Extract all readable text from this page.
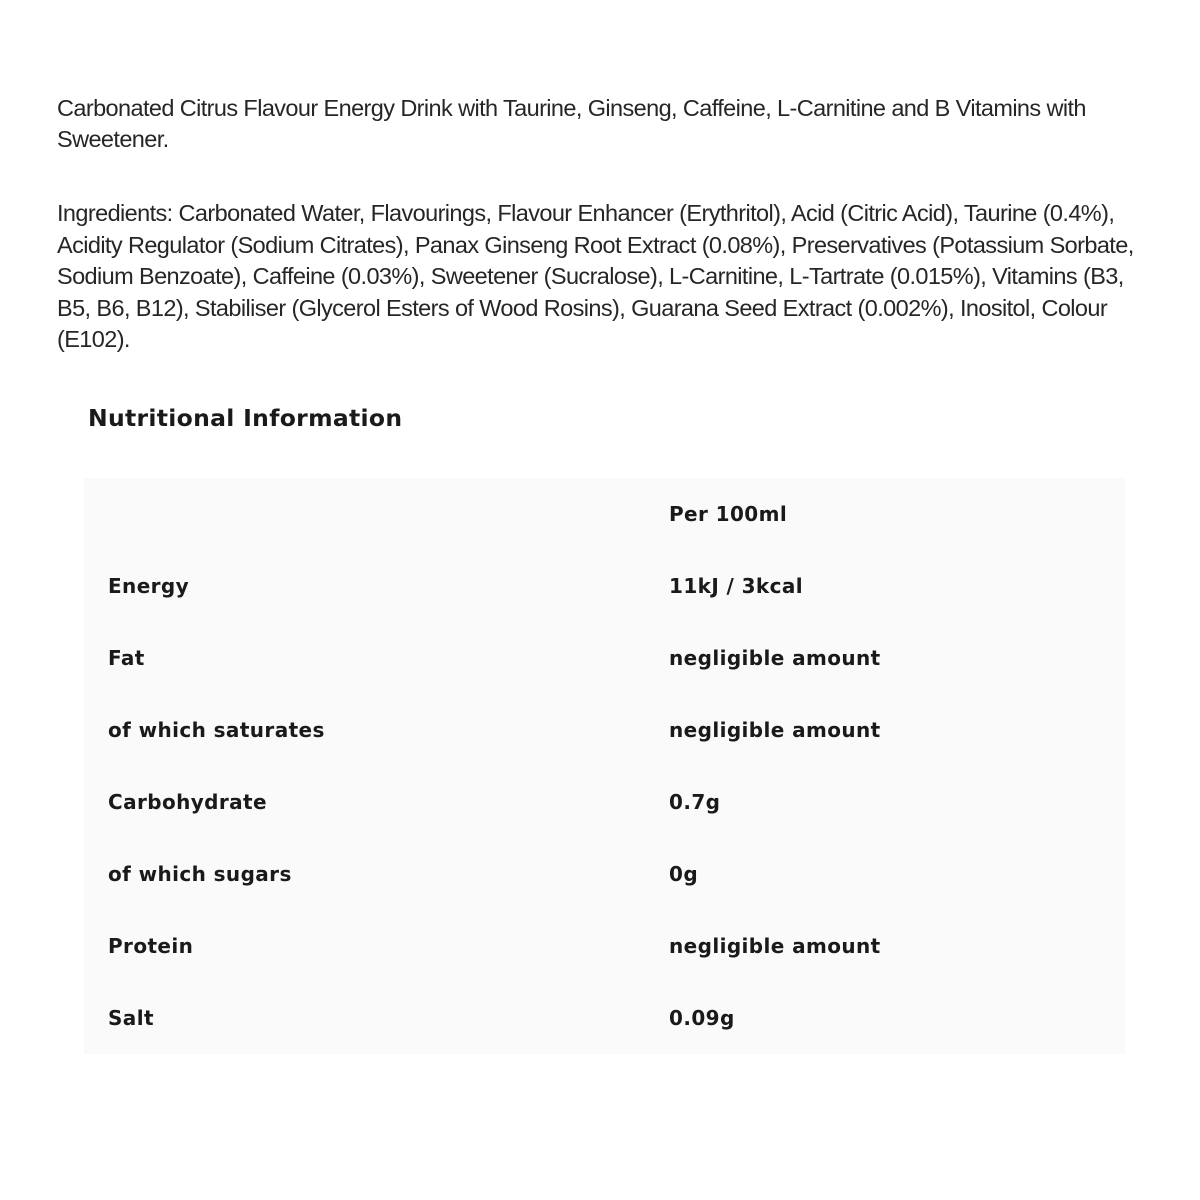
Carbonated Citrus Flavour Energy Drink with Taurine, Ginseng, Caffeine, L-Carnitine and B Vitamins with Sweetener.

Ingredients: Carbonated Water, Flavourings, Flavour Enhancer (Erythritol), Acid (Citric Acid), Taurine (0.4%), Acidity Regulator (Sodium Citrates), Panax Ginseng Root Extract (0.08%), Preservatives (Potassium Sorbate, Sodium Benzoate), Caffeine (0.03%), Sweetener (Sucralose), L-Carnitine, L-Tartrate (0.015%), Vitamins (B3, B5, B6, B12), Stabiliser (Glycerol Esters of Wood Rosins), Guarana Seed Extract (0.002%), Inositol, Colour (E102).

Nutritional Information
Per 100ml
Energy	11kJ / 3kcal
Fat	negligible amount
of which saturates	negligible amount
Carbohydrate	0.7g
of which sugars	0g
Protein	negligible amount
Salt	0.09g
